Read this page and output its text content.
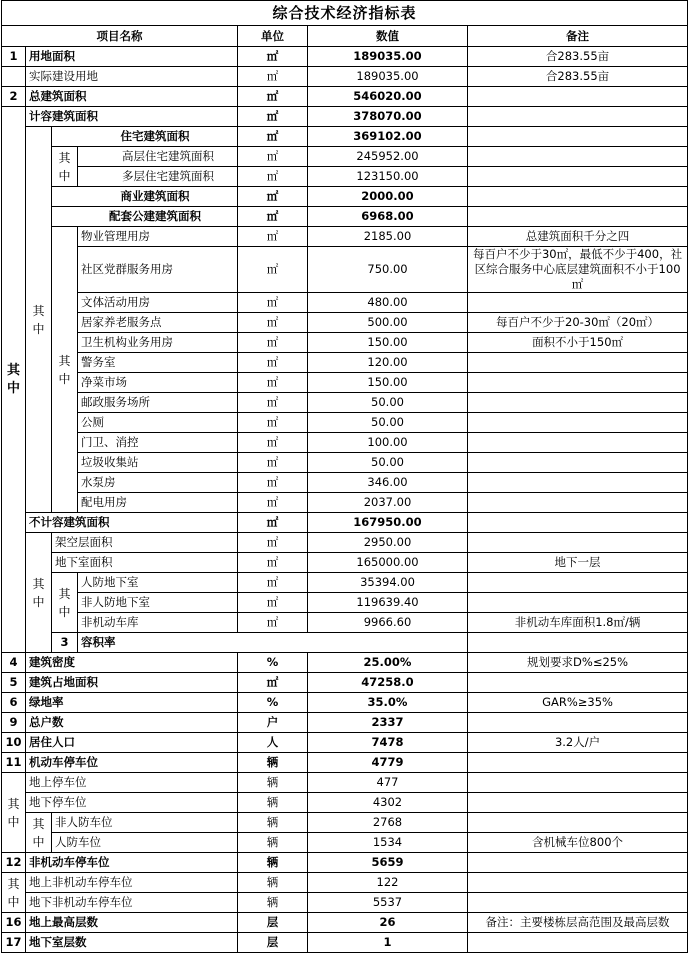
综合技术经济指标表							
项目名称				单位	数值	备注	
1	用地面积			㎡	189035.00	合283.55亩	
	实际建设用地			㎡	189035.00	合283.55亩	
2	总建筑面积			㎡	546020.00		
其中	计容建筑面积			㎡	378070.00		
	其中	住宅建筑面积		㎡	369102.00		
		其中	高层住宅建筑面积	㎡	245952.00		
			多层住宅建筑面积	㎡	123150.00		
		商业建筑面积		㎡	2000.00		
		配套公建建筑面积		㎡	6968.00		
		其中	物业管理用房	㎡	2185.00	总建筑面积千分之四	
			社区党群服务用房	㎡	750.00	每百户不少于30㎡，最低不少于400，社区综合服务中心底层建筑面积不小于100㎡	
			文体活动用房	㎡	480.00		
			居家养老服务点	㎡	500.00	每百户不少于20-30㎡（20㎡）	
			卫生机构业务用房	㎡	150.00	面积不小于150㎡	
			警务室	㎡	120.00		
			净菜市场	㎡	150.00		
			邮政服务场所	㎡	50.00		
			公厕	㎡	50.00		
			门卫、消控	㎡	100.00		
			垃圾收集站	㎡	50.00		
			水泵房	㎡	346.00		
			配电用房	㎡	2037.00		
	不计容建筑面积			㎡	167950.00		
	其中	架空层面积		㎡	2950.00		
		地下室面积		㎡	165000.00	地下一层	
		其中	人防地下室	㎡	35394.00		
			非人防地下室	㎡	119639.40		
			非机动车库	㎡	9966.60	非机动车库面积1.8㎡/辆	
		3	容积率			
4	建筑密度			%	25.00%	规划要求D%≤25%	
5	建筑占地面积			㎡	47258.0		
6	绿地率			%	35.0%	GAR%≥35%	
9	总户数			户	2337		
10	居住人口			人	7478	3.2人/户	
11	机动车停车位			辆	4779		
其中	地上停车位			辆	477		
	地下停车位			辆	4302		
	其中	非人防车位		辆	2768		
		人防车位		辆	1534	含机械车位800个	
12	非机动车停车位			辆	5659		
其中	地上非机动车停车位			辆	122		
	地下非机动车停车位			辆	5537		
16	地上最高层数			层	26	备注：主要楼栋层高范围及最高层数	
17	地下室层数			层	1		
